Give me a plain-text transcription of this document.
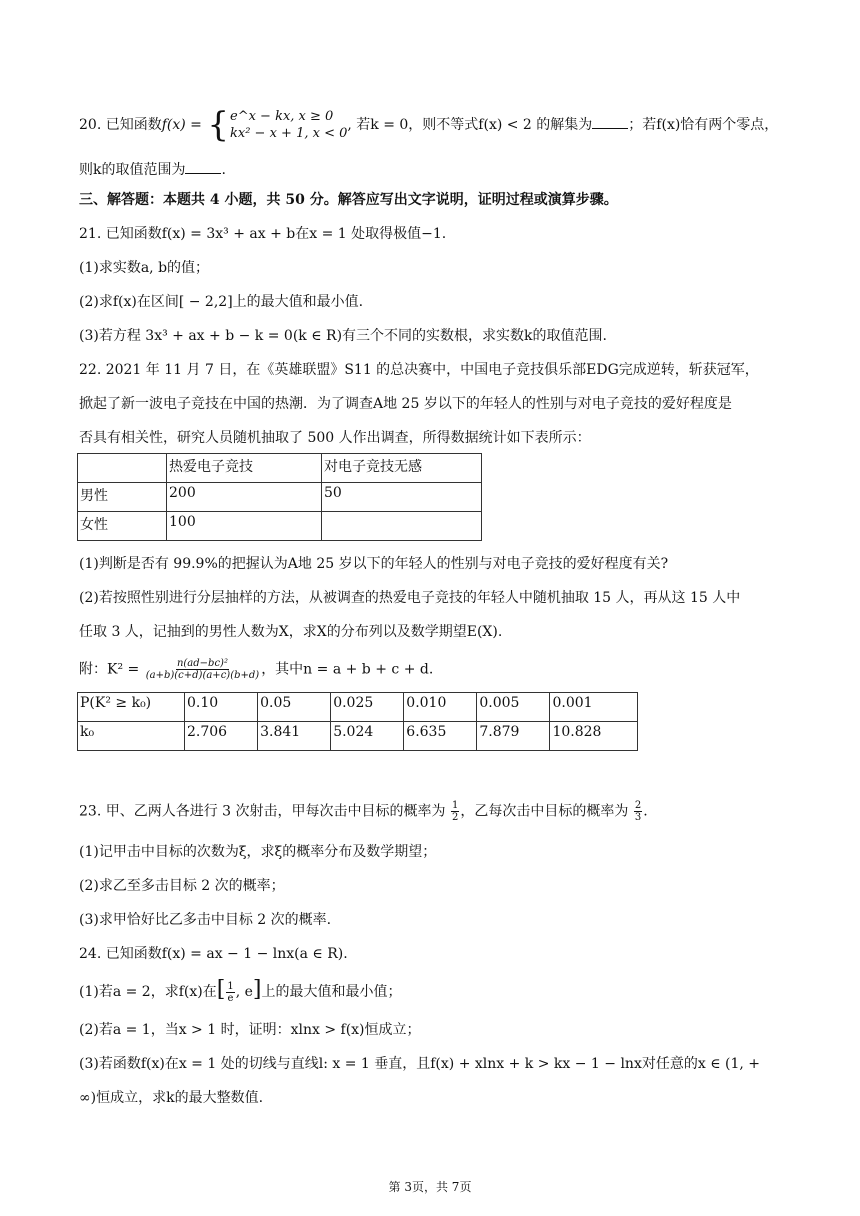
20. 已知函数f(x) = { e^x − kx, x ≥ 0
kx² − x + 1, x < 0
, 若k = 0，则不等式f(x) < 2 的解集为	；若f(x)恰有两个零点，
则k的取值范围为	.
三、解答题：本题共 4 小题，共 50 分。解答应写出文字说明，证明过程或演算步骤。
21. 已知函数f(x) = 3x³ + ax + b在x = 1 处取得极值−1.
(1)求实数a, b的值；
(2)求f(x)在区间[ − 2,2]上的最大值和最小值.
(3)若方程 3x³ + ax + b − k = 0(k ∈ R)有三个不同的实数根，求实数k的取值范围.
22. 2021 年 11 月 7 日，在《英雄联盟》S11 的总决赛中，中国电子竞技俱乐部EDG完成逆转，斩获冠军，
掀起了新一波电子竞技在中国的热潮．为了调查A地 25 岁以下的年轻人的性别与对电子竞技的爱好程度是
否具有相关性，研究人员随机抽取了 500 人作出调查，所得数据统计如下表所示：
	热爱电子竞技	对电子竞技无感
男性	200	50
女性	100	
(1)判断是否有 99.9%的把握认为A地 25 岁以下的年轻人的性别与对电子竞技的爱好程度有关?
(2)若按照性别进行分层抽样的方法，从被调查的热爱电子竞技的年轻人中随机抽取 15 人，再从这 15 人中
任取 3 人，记抽到的男性人数为X，求X的分布列以及数学期望E(X).
附：$K^2 = \frac{\text{n(ad−bc)²}}{(a+b)(c+d)(a+c)(b+d)}$ ，其中n = a + b + c + d.
P(K² ≥ k₀)	0.10	0.05	0.025	0.010	0.005	0.001
k₀	2.706	3.841	5.024	6.635	7.879	10.828
23. 甲、乙两人各进行 3 次射击，甲每次击中目标的概率为 $\frac{1}{2}$ ，乙每次击中目标的概率为 $\frac{2}{3}$ .
(1)记甲击中目标的次数为ξ，求ξ的概率分布及数学期望；
(2)求乙至多击目标 2 次的概率；
(3)求甲恰好比乙多击中目标 2 次的概率.
24. 已知函数f(x) = ax − 1 − lnx(a ∈ R).
(1)若a = 2，求f(x)在[ $\frac{1}{e}$ , e]上的最大值和最小值；
(2)若a = 1，当x > 1 时，证明：xlnx > f(x)恒成立；
(3)若函数f(x)在x = 1 处的切线与直线l: x = 1 垂直，且f(x) + xlnx + k > kx − 1 − lnx对任意的x ∈ (1, +
∞)恒成立，求k的最大整数值.
第 3页，共 7页
